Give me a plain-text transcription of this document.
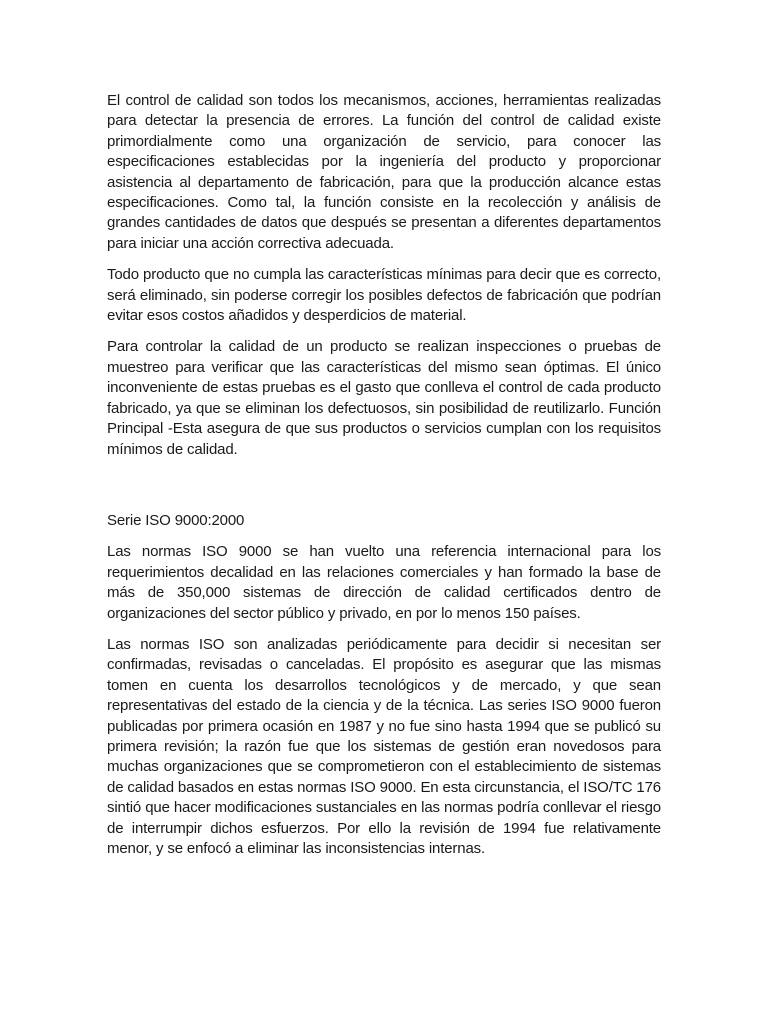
El control de calidad son todos los mecanismos, acciones, herramientas realizadas para detectar la presencia de errores. La función del control de calidad existe primordialmente como una organización de servicio, para conocer las especificaciones establecidas por la ingeniería del producto y proporcionar asistencia al departamento de fabricación, para que la producción alcance estas especificaciones. Como tal, la función consiste en la recolección y análisis de grandes cantidades de datos que después se presentan a diferentes departamentos para iniciar una acción correctiva adecuada.

Todo producto que no cumpla las características mínimas para decir que es correcto, será eliminado, sin poderse corregir los posibles defectos de fabricación que podrían evitar esos costos añadidos y desperdicios de material.

Para controlar la calidad de un producto se realizan inspecciones o pruebas de muestreo para verificar que las características del mismo sean óptimas. El único inconveniente de estas pruebas es el gasto que conlleva el control de cada producto fabricado, ya que se eliminan los defectuosos, sin posibilidad de reutilizarlo. Función Principal -Esta asegura de que sus productos o servicios cumplan con los requisitos mínimos de calidad.

Serie ISO 9000:2000

Las normas ISO 9000 se han vuelto una referencia internacional para los requerimientos decalidad en las relaciones comerciales y han formado la base de más de 350,000 sistemas de dirección de calidad certificados dentro de organizaciones del sector público y privado, en por lo menos 150 países.

Las normas ISO son analizadas periódicamente para decidir si necesitan ser confirmadas, revisadas o canceladas. El propósito es asegurar que las mismas tomen en cuenta los desarrollos tecnológicos y de mercado, y que sean representativas del estado de la ciencia y de la técnica. Las series ISO 9000 fueron publicadas por primera ocasión en 1987 y no fue sino hasta 1994 que se publicó su primera revisión; la razón fue que los sistemas de gestión eran novedosos para muchas organizaciones que se comprometieron con el establecimiento de sistemas de calidad basados en estas normas ISO 9000. En esta circunstancia, el ISO/TC 176 sintió que hacer modificaciones sustanciales en las normas podría conllevar el riesgo de interrumpir dichos esfuerzos. Por ello la revisión de 1994 fue relativamente menor, y se enfocó a eliminar las inconsistencias internas.
